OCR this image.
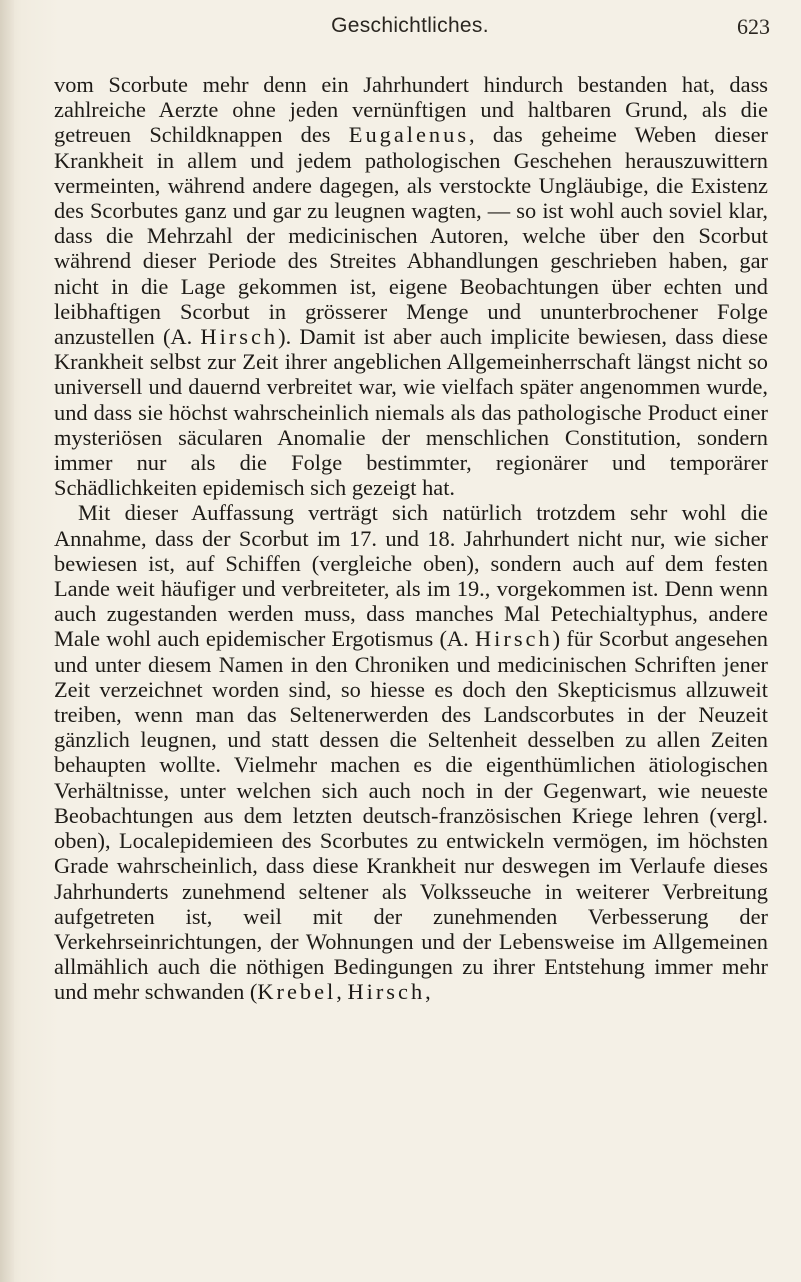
Geschichtliches.	623

vom Scorbute mehr denn ein Jahrhundert hindurch bestanden hat, dass zahlreiche Aerzte ohne jeden vernünftigen und haltbaren Grund, als die getreuen Schildknappen des Eugalenus, das geheime Weben dieser Krankheit in allem und jedem pathologischen Geschehen herauszuwittern vermeinten, während andere dagegen, als verstockte Ungläubige, die Existenz des Scorbutes ganz und gar zu leugnen wagten, — so ist wohl auch soviel klar, dass die Mehrzahl der medicinischen Autoren, welche über den Scorbut während dieser Periode des Streites Abhandlungen geschrieben haben, gar nicht in die Lage gekommen ist, eigene Beobachtungen über echten und leibhaftigen Scorbut in grösserer Menge und ununterbrochener Folge anzustellen (A. Hirsch). Damit ist aber auch implicite bewiesen, dass diese Krankheit selbst zur Zeit ihrer angeblichen Allgemeinherrschaft längst nicht so universell und dauernd verbreitet war, wie vielfach später angenommen wurde, und dass sie höchst wahrscheinlich niemals als das pathologische Product einer mysteriösen säcularen Anomalie der menschlichen Constitution, sondern immer nur als die Folge bestimmter, regionärer und temporärer Schädlichkeiten epidemisch sich gezeigt hat.

Mit dieser Auffassung verträgt sich natürlich trotzdem sehr wohl die Annahme, dass der Scorbut im 17. und 18. Jahrhundert nicht nur, wie sicher bewiesen ist, auf Schiffen (vergleiche oben), sondern auch auf dem festen Lande weit häufiger und verbreiteter, als im 19., vorgekommen ist. Denn wenn auch zugestanden werden muss, dass manches Mal Petechialtyphus, andere Male wohl auch epidemischer Ergotismus (A. Hirsch) für Scorbut angesehen und unter diesem Namen in den Chroniken und medicinischen Schriften jener Zeit verzeichnet worden sind, so hiesse es doch den Skepticismus allzuweit treiben, wenn man das Seltenerwerden des Landscorbutes in der Neuzeit gänzlich leugnen, und statt dessen die Seltenheit desselben zu allen Zeiten behaupten wollte. Vielmehr machen es die eigenthümlichen ätiologischen Verhältnisse, unter welchen sich auch noch in der Gegenwart, wie neueste Beobachtungen aus dem letzten deutsch-französischen Kriege lehren (vergl. oben), Localepidemieen des Scorbutes zu entwickeln vermögen, im höchsten Grade wahrscheinlich, dass diese Krankheit nur deswegen im Verlaufe dieses Jahrhunderts zunehmend seltener als Volksseuche in weiterer Verbreitung aufgetreten ist, weil mit der zunehmenden Verbesserung der Verkehrseinrichtungen, der Wohnungen und der Lebensweise im Allgemeinen allmählich auch die nöthigen Bedingungen zu ihrer Entstehung immer mehr und mehr schwanden (Krebel, Hirsch,
